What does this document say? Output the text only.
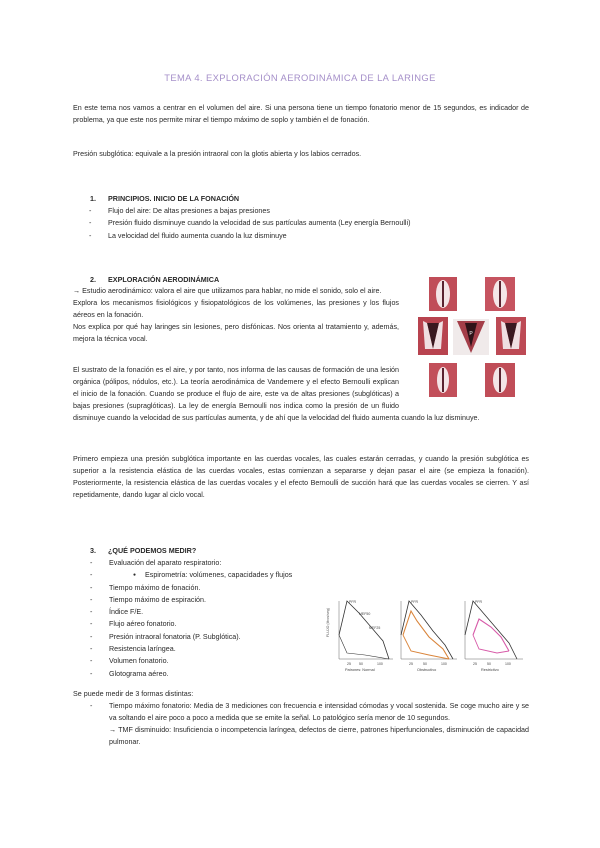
TEMA 4. EXPLORACIÓN AERODINÁMICA DE LA LARINGE
En este tema nos vamos a centrar en el volumen del aire. Si una persona tiene un tiempo fonatorio menor de 15 segundos, es indicador de problema, ya que este nos permite mirar el tiempo máximo de soplo y también el de fonación.
Presión subglótica: equivale a la presión intraoral con la glotis abierta y los labios cerrados.
1. PRINCIPIOS. INICIO DE LA FONACIÓN
- Flujo del aire: De altas presiones a bajas presiones
- Presión fluido disminuye cuando la velocidad de sus partículas aumenta (Ley energía Bernoulli)
- La velocidad del fluido aumenta cuando la luz disminuye
2. EXPLORACIÓN AERODINÁMICA
→ Estudio aerodinámico: valora el aire que utilizamos para hablar, no mide el sonido, solo el aire.
Explora los mecanismos fisiológicos y fisiopatológicos de los volúmenes, las presiones y los flujos aéreos en la fonación.
Nos explica por qué hay laringes sin lesiones, pero disfónicas. Nos orienta al tratamiento y, además, mejora la técnica vocal.
El sustrato de la fonación es el aire, y por tanto, nos informa de las causas de formación de una lesión orgánica (pólipos, nódulos, etc.). La teoría aerodinámica de Vandemere y el efecto Bernoulli explican el inicio de la fonación. Cuando se produce el flujo de aire, este va de altas presiones (subglóticas) a bajas presiones (supraglóticas). La ley de energía Bernoulli nos indica como la presión de un fluido disminuye cuando la velocidad de sus partículas aumenta, y de ahí que la velocidad del fluido aumenta cuando la luz disminuye.
Primero empieza una presión subglótica importante en las cuerdas vocales, las cuales estarán cerradas, y cuando la presión subglótica es superior a la resistencia elástica de las cuerdas vocales, estas comienzan a separarse y dejan pasar el aire (se empieza la fonación). Posteriormente, la resistencia elástica de las cuerdas vocales y el efecto Bernoulli de succión hará que las cuerdas vocales se cierren. Y así repetidamente, dando lugar al ciclo vocal.
P
3. ¿QUÉ PODEMOS MEDIR?
- Evaluación del aparato respiratorio:
- ● Espirometría: volúmenes, capacidades y flujos
- Tiempo máximo de fonación.
- Tiempo máximo de espiración.
- Índice F/E.
- Flujo aéreo fonatorio.
- Presión intraoral fonatoria (P. Subglótica).
- Resistencia laríngea.
- Volumen fonatorio.
- Glotograma aéreo.
FLUJO (litros/seg)
PFR
MEF50
MEF25
25 50	100
Patrones: Normal
PFR
25	50	100
Obstructivo
PFR
25	50	100
Restrictivo
Se puede medir de 3 formas distintas:
- Tiempo máximo fonatorio: Media de 3 mediciones con frecuencia e intensidad cómodas y vocal sostenida. Se coge mucho aire y se va soltando el aire poco a poco a medida que se emite la señal. Lo patológico sería menor de 10 segundos.
→ TMF disminuido: Insuficiencia o incompetencia laríngea, defectos de cierre, patrones hiperfuncionales, disminución de capacidad pulmonar.
